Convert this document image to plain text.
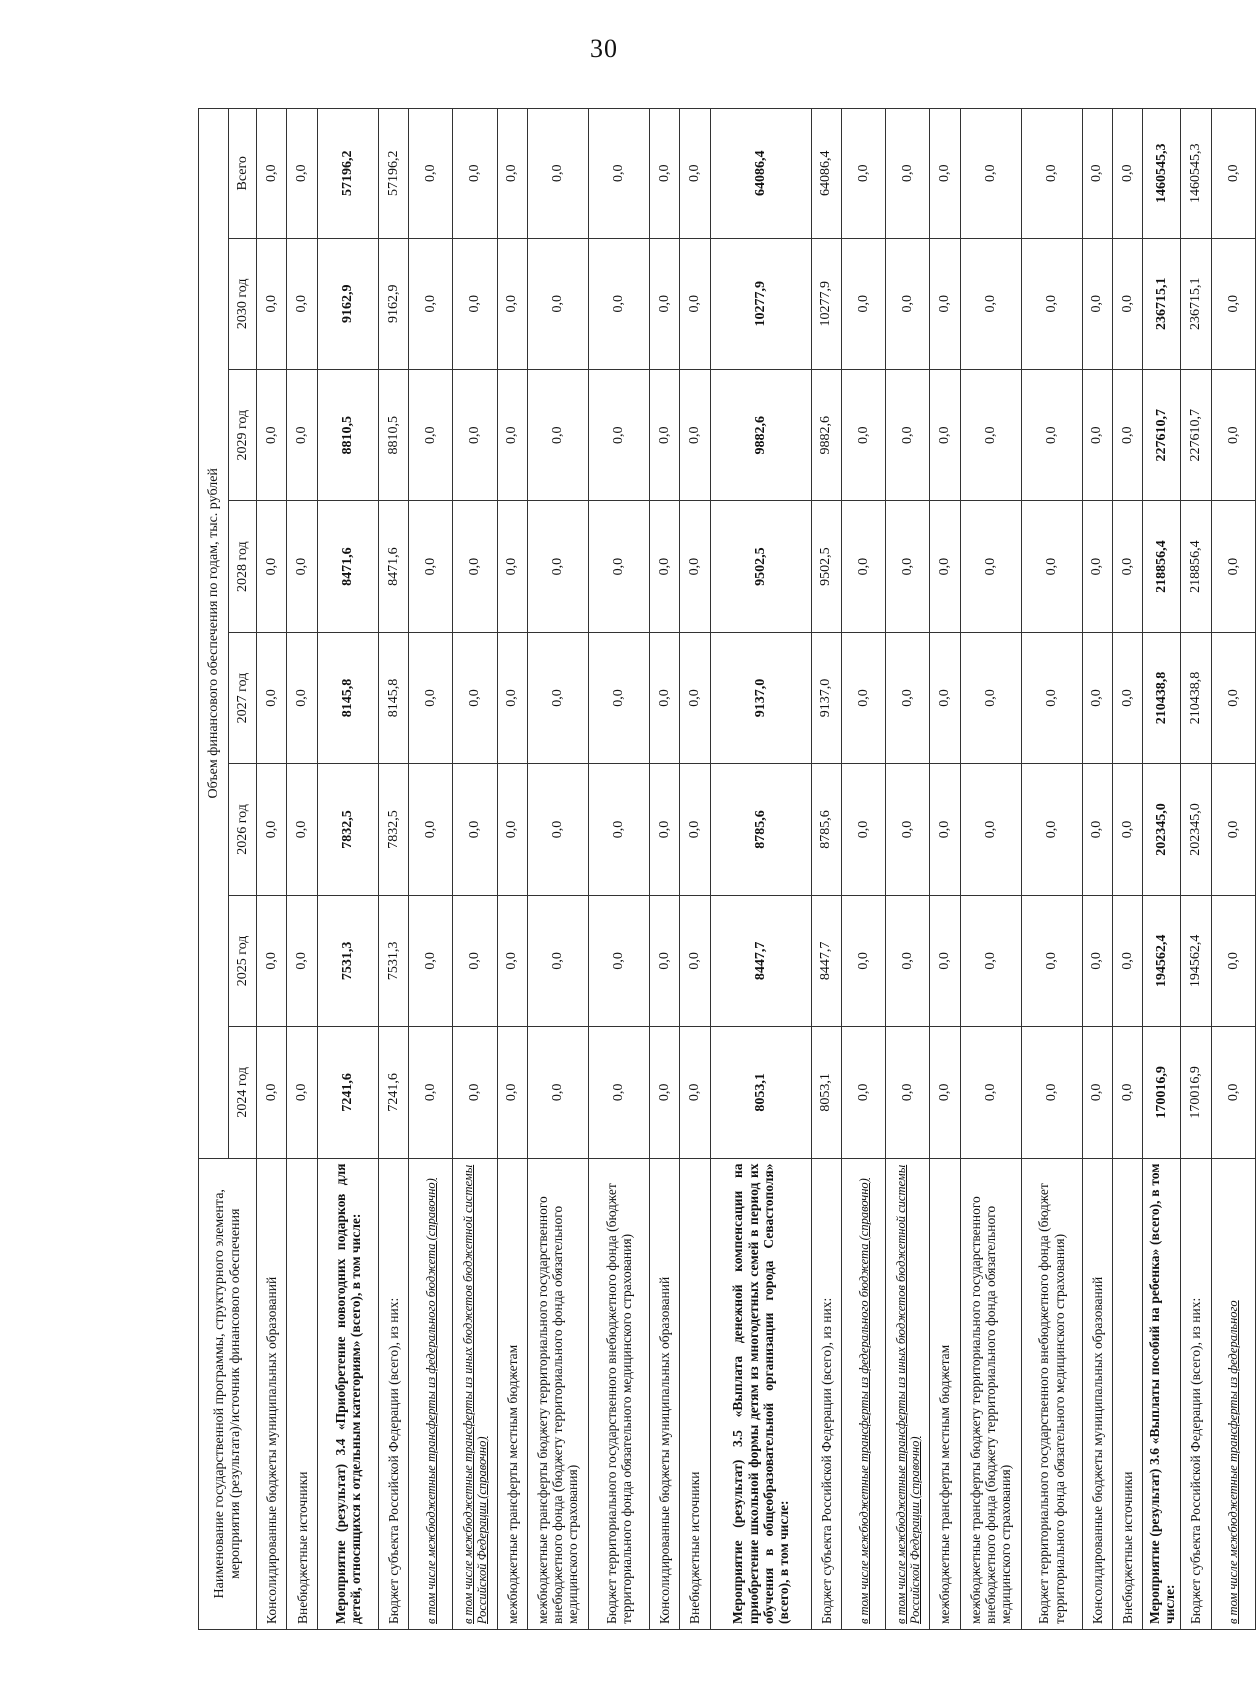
30
Наименование государственной программы, структурного элемента, мероприятия (результата)/источник финансового обеспечения	Объем финансового обеспечения по годам, тыс. рублей							
	2024 год	2025 год	2026 год	2027 год	2028 год	2029 год	2030 год	Всего
Консолидированные бюджеты муниципальных образований	0,0	0,0	0,0	0,0	0,0	0,0	0,0	0,0
Внебюджетные источники	0,0	0,0	0,0	0,0	0,0	0,0	0,0	0,0
Мероприятие (результат) 3.4 «Приобретение новогодних подарков для детей, относящихся к отдельным категориям» (всего), в том числе:	7241,6	7531,3	7832,5	8145,8	8471,6	8810,5	9162,9	57196,2
Бюджет субъекта Российской Федерации (всего), из них:	7241,6	7531,3	7832,5	8145,8	8471,6	8810,5	9162,9	57196,2
в том числе межбюджетные трансферты из федерального бюджета (справочно)	0,0	0,0	0,0	0,0	0,0	0,0	0,0	0,0
в том числе межбюджетные трансферты из иных бюджетов бюджетной системы Российской Федерации (справочно)	0,0	0,0	0,0	0,0	0,0	0,0	0,0	0,0
межбюджетные трансферты местным бюджетам	0,0	0,0	0,0	0,0	0,0	0,0	0,0	0,0
межбюджетные трансферты бюджету территориального государственного внебюджетного фонда (бюджету территориального фонда обязательного медицинского страхования)	0,0	0,0	0,0	0,0	0,0	0,0	0,0	0,0
Бюджет территориального государственного внебюджетного фонда (бюджет территориального фонда обязательного медицинского страхования)	0,0	0,0	0,0	0,0	0,0	0,0	0,0	0,0
Консолидированные бюджеты муниципальных образований	0,0	0,0	0,0	0,0	0,0	0,0	0,0	0,0
Внебюджетные источники	0,0	0,0	0,0	0,0	0,0	0,0	0,0	0,0
Мероприятие (результат) 3.5 «Выплата денежной компенсации на приобретение школьной формы детям из многодетных семей в период их обучения в общеобразовательной организации города Севастополя» (всего), в том числе:	8053,1	8447,7	8785,6	9137,0	9502,5	9882,6	10277,9	64086,4
Бюджет субъекта Российской Федерации (всего), из них:	8053,1	8447,7	8785,6	9137,0	9502,5	9882,6	10277,9	64086,4
в том числе межбюджетные трансферты из федерального бюджета (справочно)	0,0	0,0	0,0	0,0	0,0	0,0	0,0	0,0
в том числе межбюджетные трансферты из иных бюджетов бюджетной системы Российской Федерации (справочно)	0,0	0,0	0,0	0,0	0,0	0,0	0,0	0,0
межбюджетные трансферты местным бюджетам	0,0	0,0	0,0	0,0	0,0	0,0	0,0	0,0
межбюджетные трансферты бюджету территориального государственного внебюджетного фонда (бюджету территориального фонда обязательного медицинского страхования)	0,0	0,0	0,0	0,0	0,0	0,0	0,0	0,0
Бюджет территориального государственного внебюджетного фонда (бюджет территориального фонда обязательного медицинского страхования)	0,0	0,0	0,0	0,0	0,0	0,0	0,0	0,0
Консолидированные бюджеты муниципальных образований	0,0	0,0	0,0	0,0	0,0	0,0	0,0	0,0
Внебюджетные источники	0,0	0,0	0,0	0,0	0,0	0,0	0,0	0,0
Мероприятие (результат) 3.6 «Выплаты пособий на ребенка» (всего), в том числе:	170016,9	194562,4	202345,0	210438,8	218856,4	227610,7	236715,1	1460545,3
Бюджет субъекта Российской Федерации (всего), из них:	170016,9	194562,4	202345,0	210438,8	218856,4	227610,7	236715,1	1460545,3
в том числе межбюджетные трансферты из федерального	0,0	0,0	0,0	0,0	0,0	0,0	0,0	0,0
